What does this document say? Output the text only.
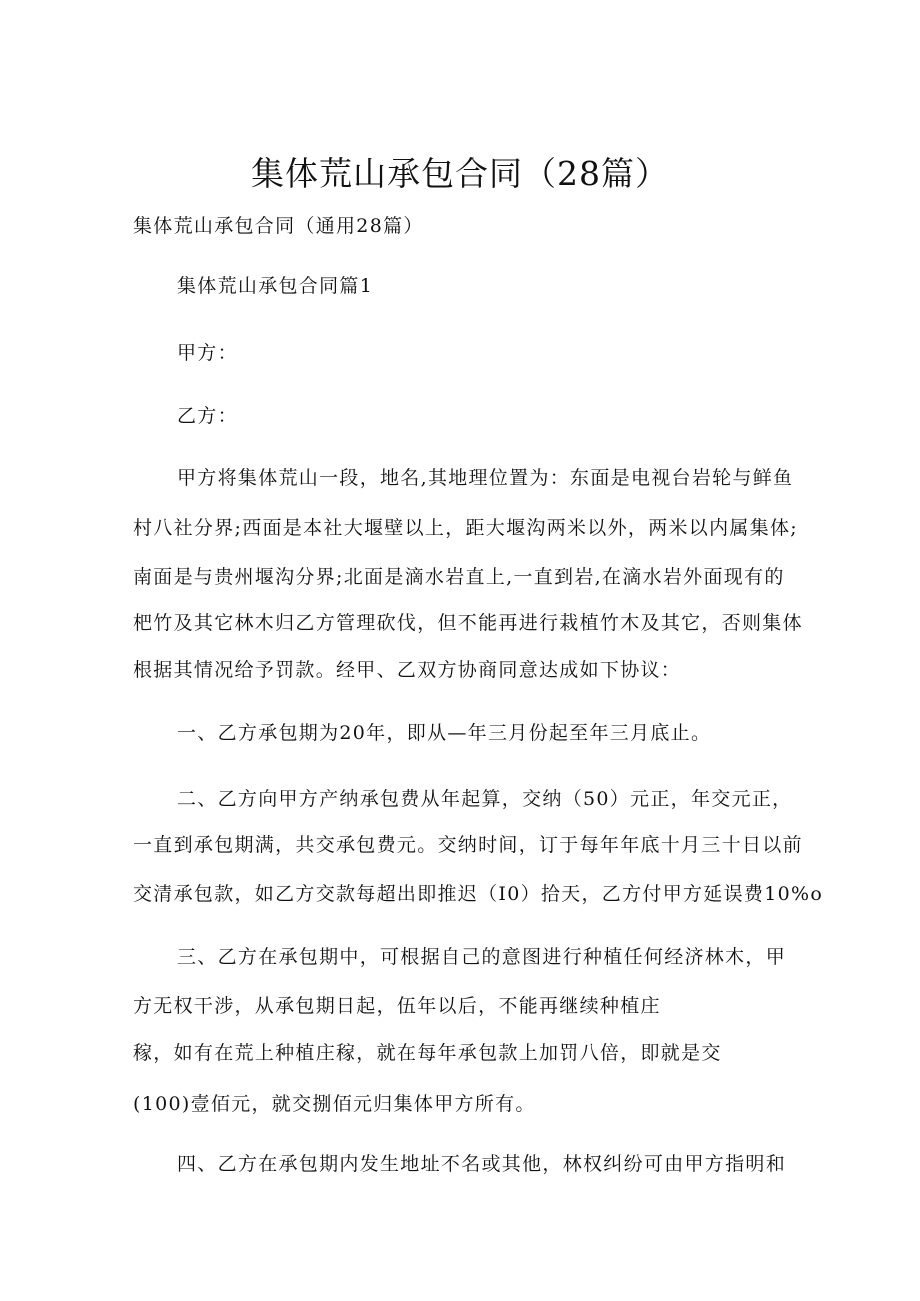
集体荒山承包合同（28篇）
集体荒山承包合同（通用28篇）
集体荒山承包合同篇1
甲方：
乙方：
甲方将集体荒山一段，地名,其地理位置为：东面是电视台岩轮与鲜鱼
村八社分界;西面是本社大堰壁以上，距大堰沟两米以外，两米以内属集体;
南面是与贵州堰沟分界;北面是滴水岩直上,一直到岩,在滴水岩外面现有的
杷竹及其它林木归乙方管理砍伐，但不能再进行栽植竹木及其它，否则集体
根据其情况给予罚款。经甲、乙双方协商同意达成如下协议：
一、乙方承包期为20年，即从—年三月份起至年三月底止。
二、乙方向甲方产纳承包费从年起算，交纳（50）元正，年交元正，
一直到承包期满，共交承包费元。交纳时间，订于每年年底十月三十日以前
交清承包款，如乙方交款每超出即推迟（I0）拾天，乙方付甲方延误费10%o
三、乙方在承包期中，可根据自己的意图进行种植任何经济林木，甲
方无权干涉，从承包期日起，伍年以后，不能再继续种植庄
稼，如有在荒上种植庄稼，就在每年承包款上加罚八倍，即就是交
(100)壹佰元，就交捌佰元归集体甲方所有。
四、乙方在承包期内发生地址不名或其他，林权纠纷可由甲方指明和
